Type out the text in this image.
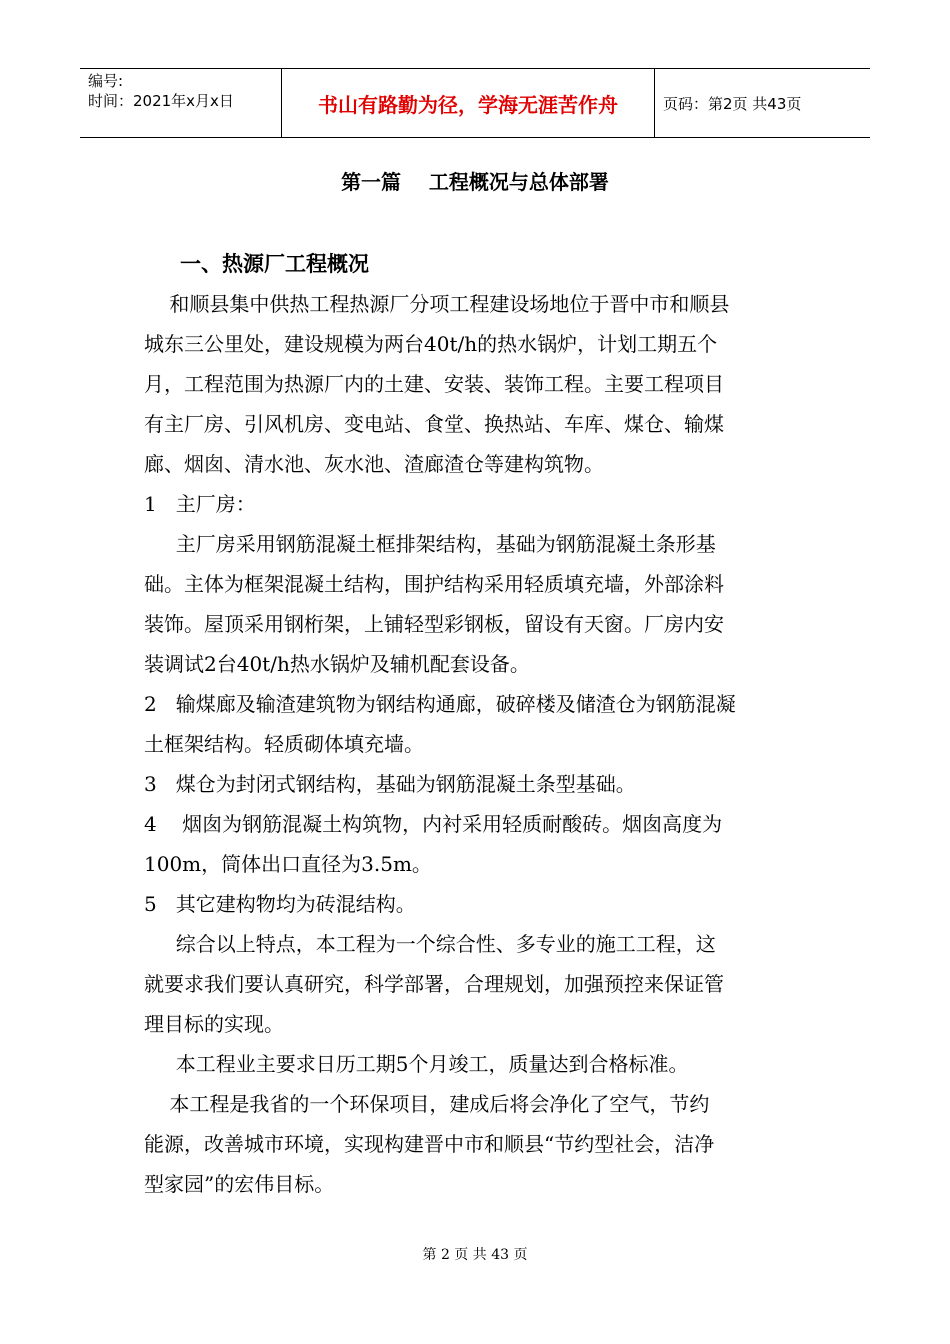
编号:
时间：2021年x月x日	书山有路勤为径，学海无涯苦作舟	页码：第2页 共43页
第一篇    工程概况与总体部署
一、热源厂工程概况
和顺县集中供热工程热源厂分项工程建设场地位于晋中市和顺县
城东三公里处，建设规模为两台40t/h的热水锅炉，计划工期五个
月，工程范围为热源厂内的土建、安装、装饰工程。主要工程项目
有主厂房、引风机房、变电站、食堂、换热站、车库、煤仓、输煤
廊、烟囱、清水池、灰水池、渣廊渣仓等建构筑物。
1   主厂房：
主厂房采用钢筋混凝土框排架结构，基础为钢筋混凝土条形基
础。主体为框架混凝土结构，围护结构采用轻质填充墙，外部涂料
装饰。屋顶采用钢桁架，上铺轻型彩钢板，留设有天窗。厂房内安
装调试2台40t/h热水锅炉及辅机配套设备。
2   输煤廊及输渣建筑物为钢结构通廊，破碎楼及储渣仓为钢筋混凝
土框架结构。轻质砌体填充墙。
3   煤仓为封闭式钢结构，基础为钢筋混凝土条型基础。
4    烟囱为钢筋混凝土构筑物，内衬采用轻质耐酸砖。烟囱高度为
100m，筒体出口直径为3.5m。
5   其它建构物均为砖混结构。
综合以上特点，本工程为一个综合性、多专业的施工工程，这
就要求我们要认真研究，科学部署，合理规划，加强预控来保证管
理目标的实现。
本工程业主要求日历工期5个月竣工，质量达到合格标准。
本工程是我省的一个环保项目，建成后将会净化了空气，节约
能源，改善城市环境，实现构建晋中市和顺县“节约型社会，洁净
型家园”的宏伟目标。
第 2 页 共 43 页
